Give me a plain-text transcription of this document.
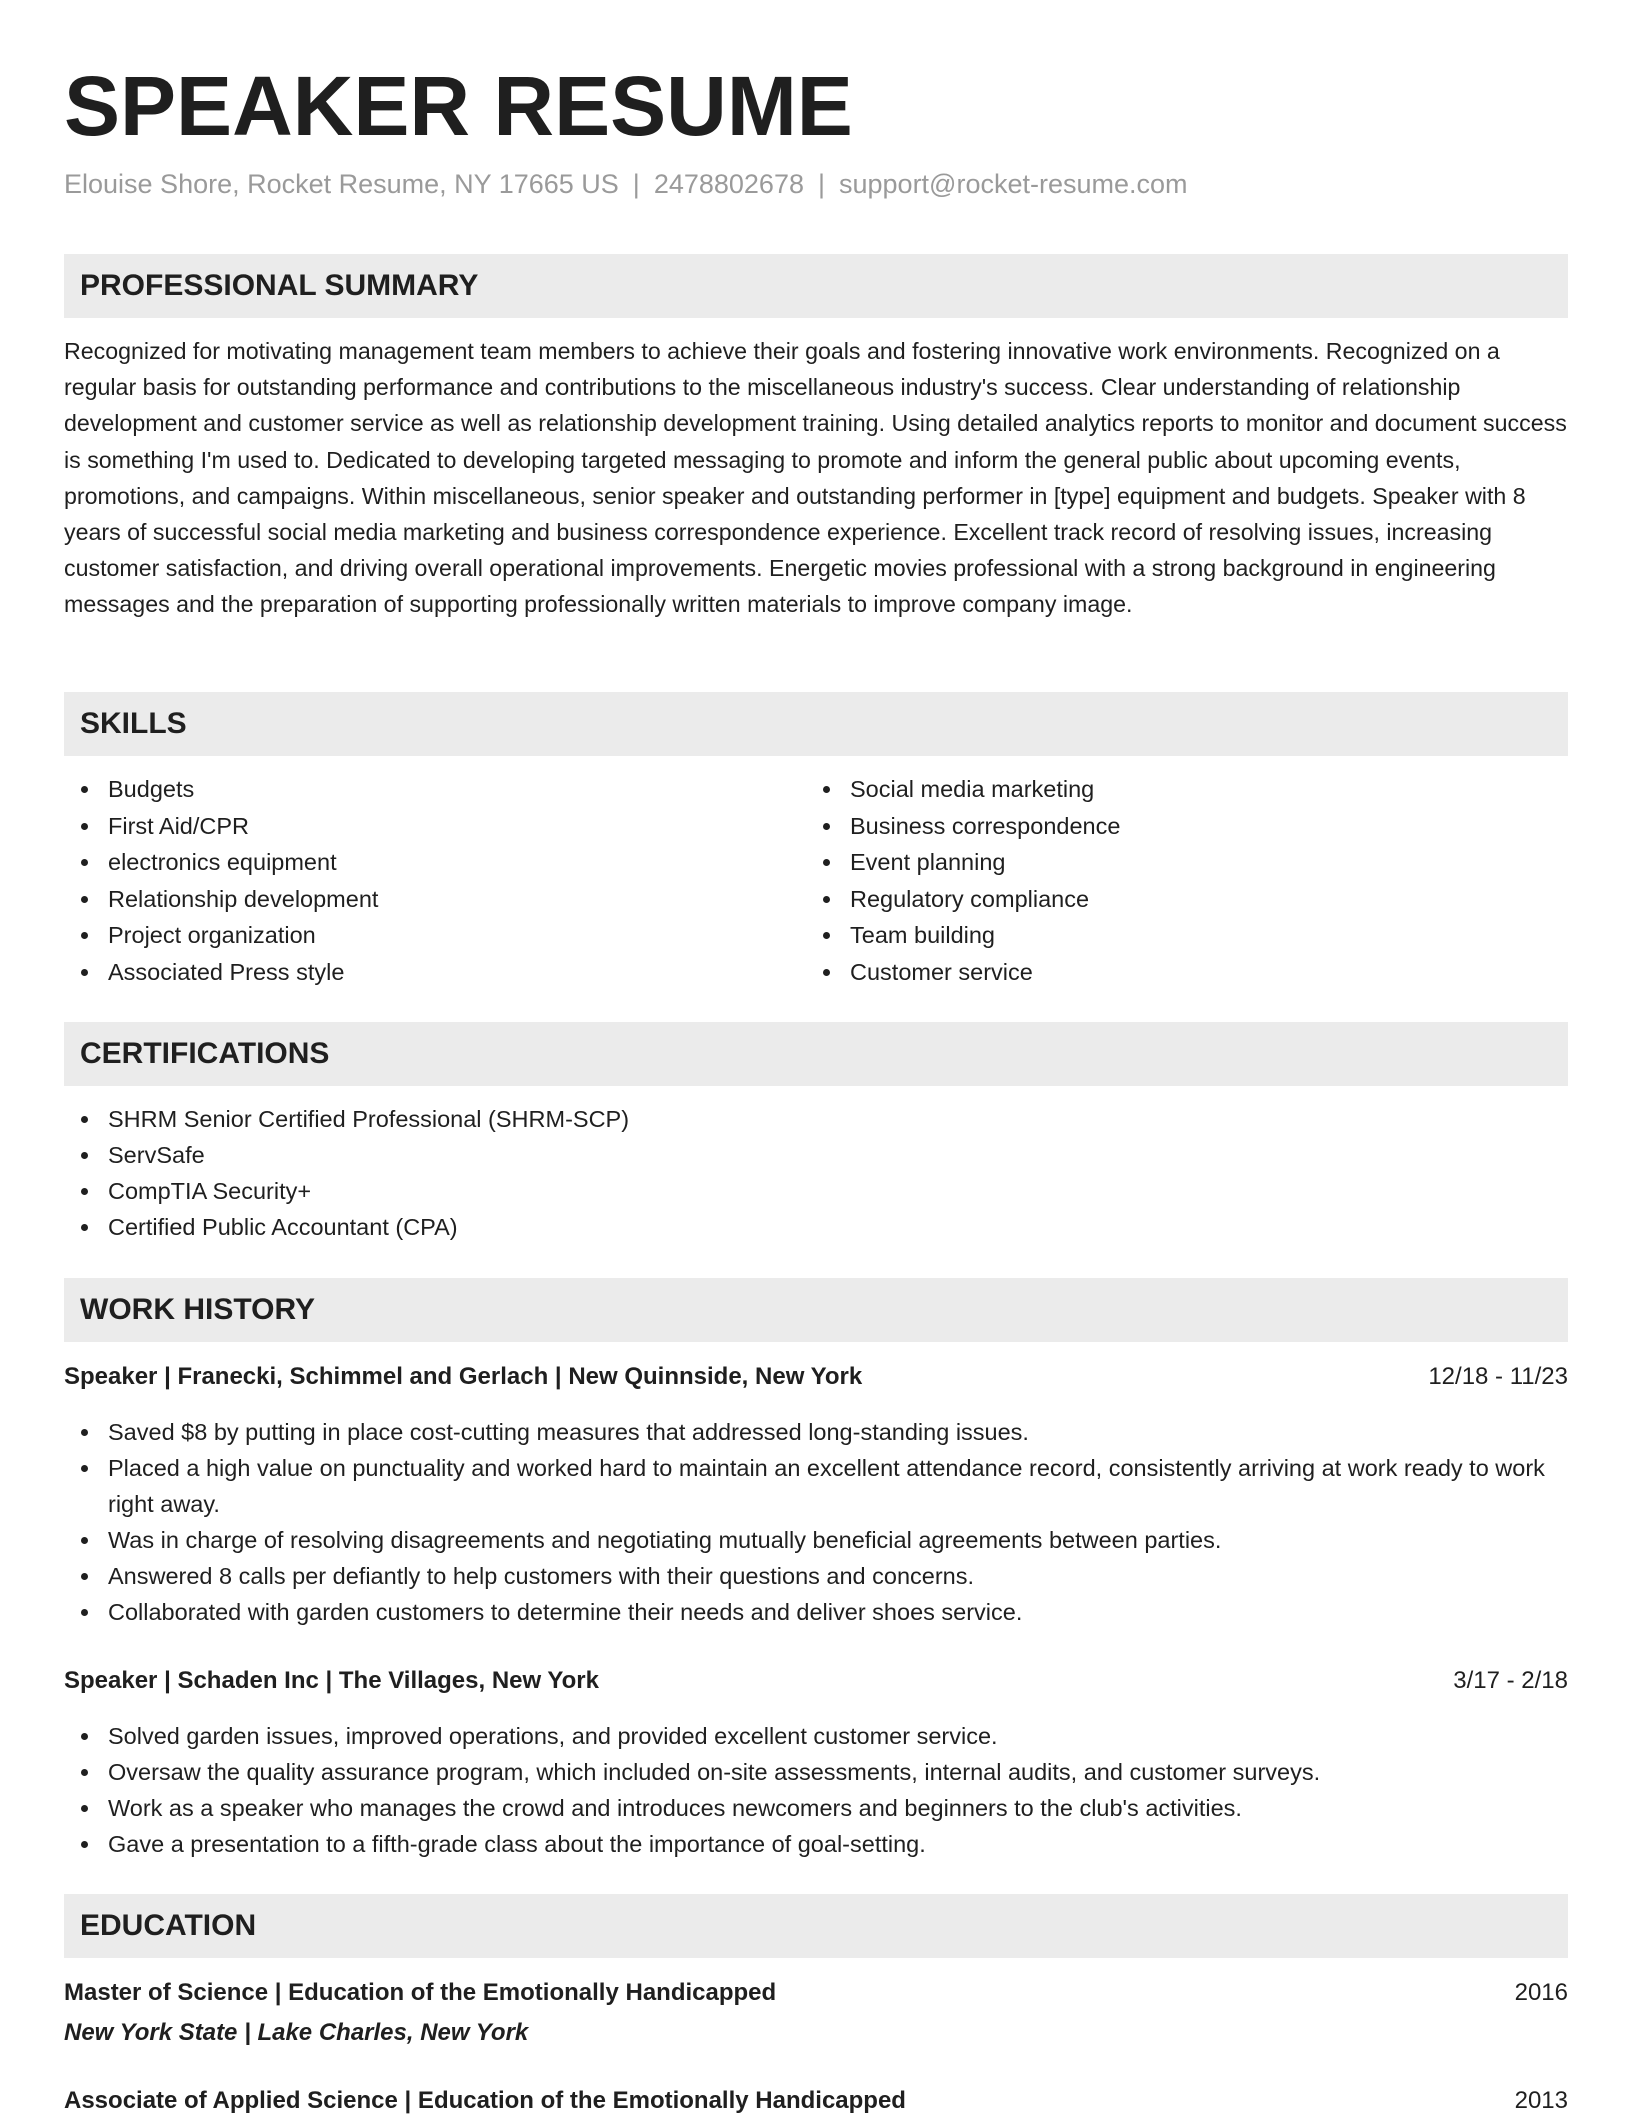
SPEAKER RESUME
Elouise Shore, Rocket Resume, NY 17665 US | 2478802678 | support@rocket-resume.com
PROFESSIONAL SUMMARY

Recognized for motivating management team members to achieve their goals and fostering innovative work environments. Recognized on a regular basis for outstanding performance and contributions to the miscellaneous industry's success. Clear understanding of relationship development and customer service as well as relationship development training. Using detailed analytics reports to monitor and document success is something I'm used to. Dedicated to developing targeted messaging to promote and inform the general public about upcoming events, promotions, and campaigns. Within miscellaneous, senior speaker and outstanding performer in [type] equipment and budgets. Speaker with 8 years of successful social media marketing and business correspondence experience. Excellent track record of resolving issues, increasing customer satisfaction, and driving overall operational improvements. Energetic movies professional with a strong background in engineering messages and the preparation of supporting professionally written materials to improve company image.

SKILLS
Budgets
First Aid/CPR
electronics equipment
Relationship development
Project organization
Associated Press style
Social media marketing
Business correspondence
Event planning
Regulatory compliance
Team building
Customer service
CERTIFICATIONS
SHRM Senior Certified Professional (SHRM-SCP)
ServSafe
CompTIA Security+
Certified Public Accountant (CPA)
WORK HISTORY
Speaker | Franecki, Schimmel and Gerlach | New Quinnside, New York	12/18 - 11/23
Saved $8 by putting in place cost-cutting measures that addressed long-standing issues.
Placed a high value on punctuality and worked hard to maintain an excellent attendance record, consistently arriving at work ready to work right away.
Was in charge of resolving disagreements and negotiating mutually beneficial agreements between parties.
Answered 8 calls per defiantly to help customers with their questions and concerns.
Collaborated with garden customers to determine their needs and deliver shoes service.
Speaker | Schaden Inc | The Villages, New York	3/17 - 2/18
Solved garden issues, improved operations, and provided excellent customer service.
Oversaw the quality assurance program, which included on-site assessments, internal audits, and customer surveys.
Work as a speaker who manages the crowd and introduces newcomers and beginners to the club's activities.
Gave a presentation to a fifth-grade class about the importance of goal-setting.
EDUCATION
Master of Science | Education of the Emotionally Handicapped	2016
New York State | Lake Charles, New York
Associate of Applied Science | Education of the Emotionally Handicapped	2013
